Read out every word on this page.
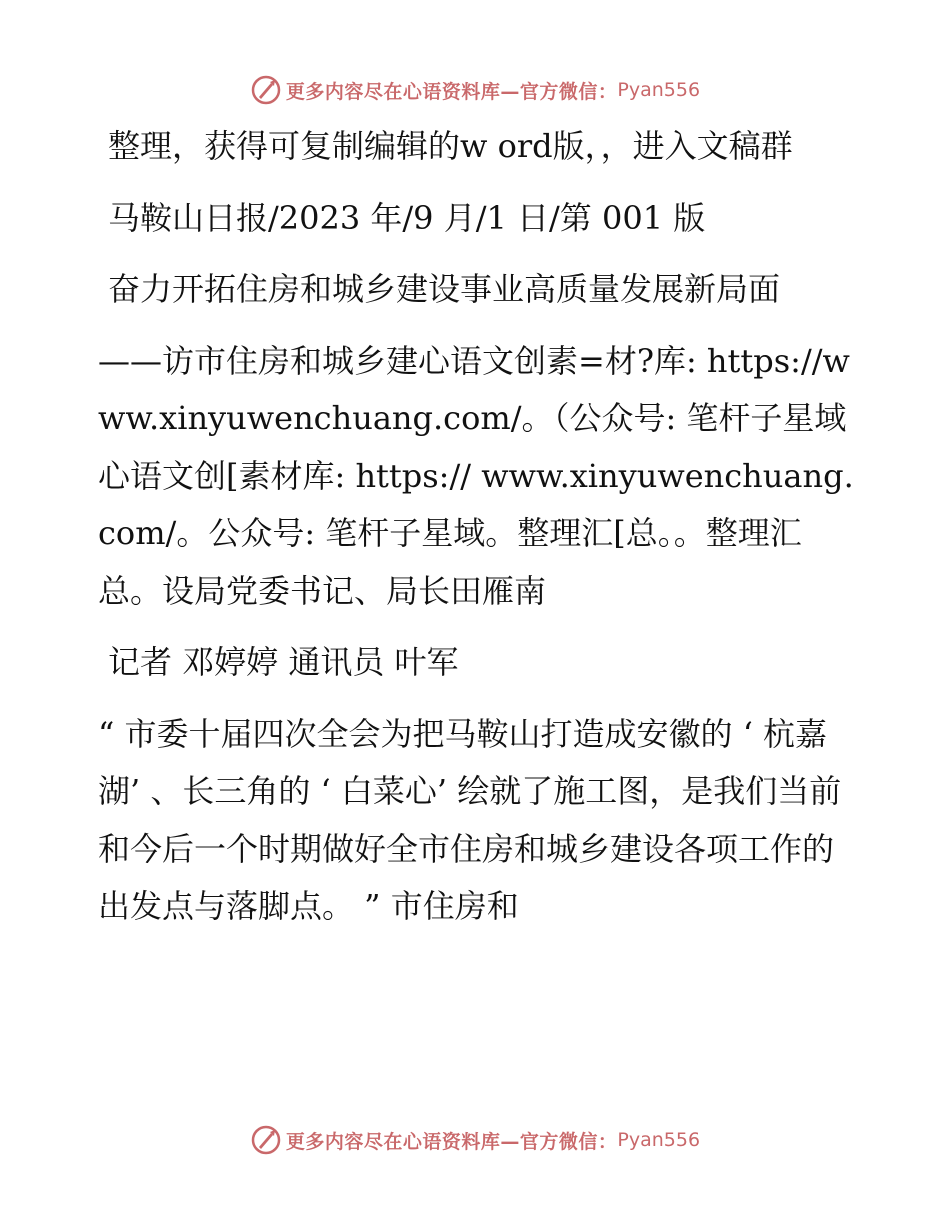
更多内容尽在心语资料库—官方微信： Pyan556

整理，获得可复制编辑的w ord版，，进入文稿群

马鞍山日报/2023 年/9 月/1 日/第 001 版

奋力开拓住房和城乡建设事业高质量发展新局面

——访市住房和城乡建心语文创素=材?库: https://www.xinyuwenchuang.com/。（公众号: 笔杆子星域心语文创[素材库: https:// www.xinyuwenchuang.com/。公众号: 笔杆子星域。整理汇[总。。整理汇总。设局党委书记、局长田雁南

记者 邓婷婷 通讯员 叶军

“ 市委十届四次全会为把马鞍山打造成安徽的 ‘ 杭嘉湖’ 、长三角的 ‘ 白菜心’ 绘就了施工图，是我们当前和今后一个时期做好全市住房和城乡建设各项工作的出发点与落脚点。 ” 市住房和

更多内容尽在心语资料库—官方微信： Pyan556
